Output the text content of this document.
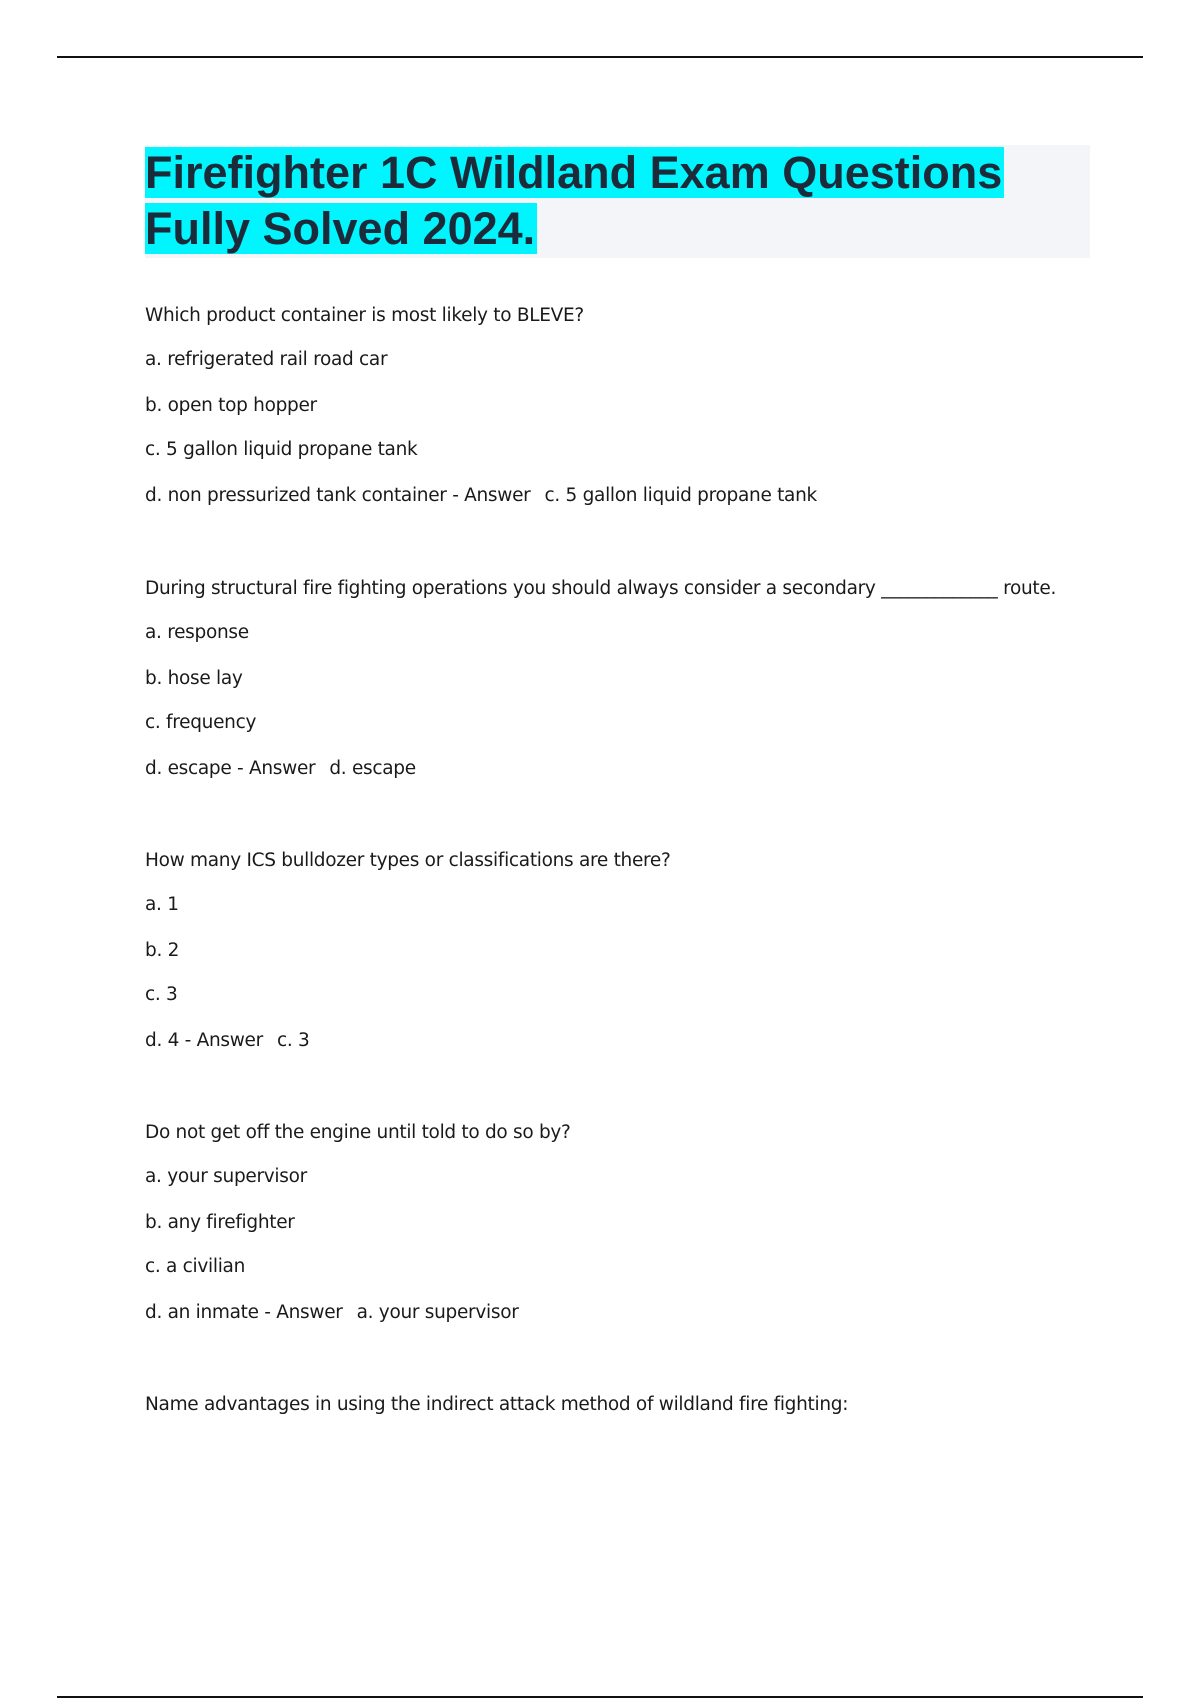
Firefighter 1C Wildland Exam Questions
Fully Solved 2024.

Which product container is most likely to BLEVE?

a. refrigerated rail road car

b. open top hopper

c. 5 gallon liquid propane tank

d. non pressurized tank container - Answer c. 5 gallon liquid propane tank

During structural fire fighting operations you should always consider a secondary _____________ route.

a. response

b. hose lay

c. frequency

d. escape - Answer d. escape

How many ICS bulldozer types or classifications are there?

a. 1

b. 2

c. 3

d. 4 - Answer c. 3

Do not get off the engine until told to do so by?

a. your supervisor

b. any firefighter

c. a civilian

d. an inmate - Answer a. your supervisor

Name advantages in using the indirect attack method of wildland fire fighting:
